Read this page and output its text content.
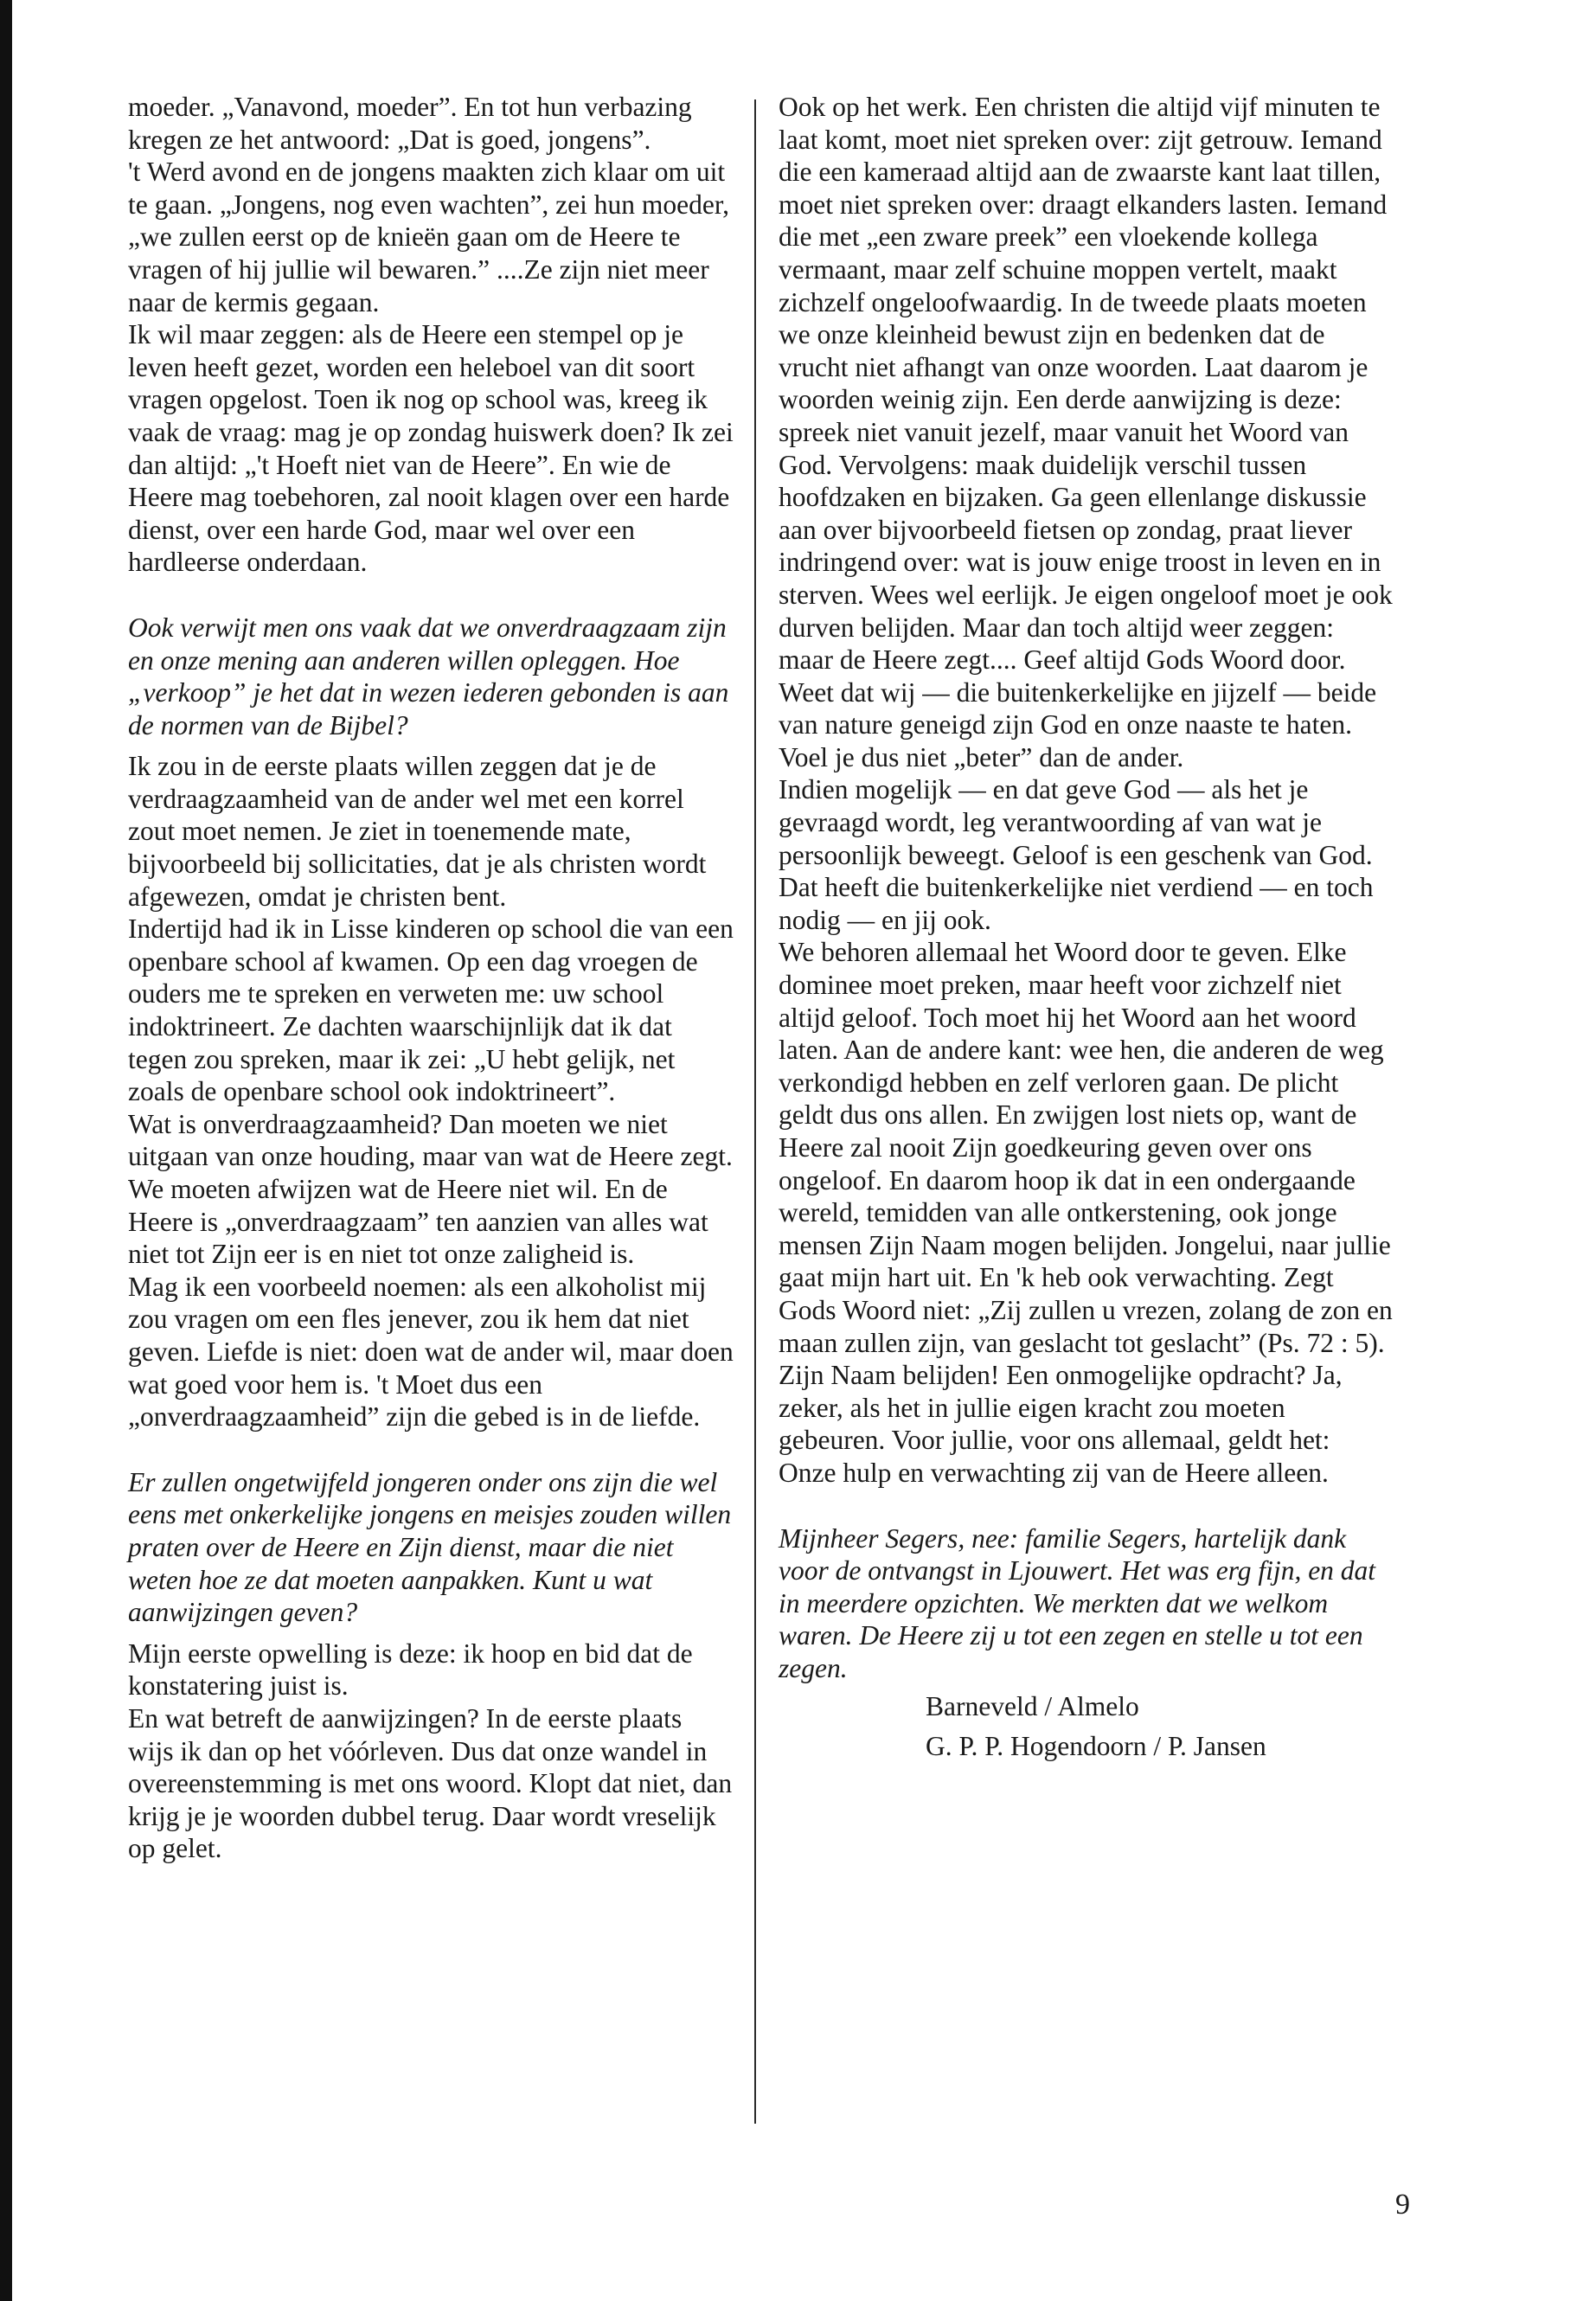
moeder. „Vanavond, moeder”. En tot hun verbazing kregen ze het antwoord: „Dat is goed, jongens”.

't Werd avond en de jongens maakten zich klaar om uit te gaan. „Jongens, nog even wachten”, zei hun moeder, „we zullen eerst op de knieën gaan om de Heere te vragen of hij jullie wil bewaren.” ....Ze zijn niet meer naar de kermis gegaan.

Ik wil maar zeggen: als de Heere een stempel op je leven heeft gezet, worden een heleboel van dit soort vragen opgelost. Toen ik nog op school was, kreeg ik vaak de vraag: mag je op zondag huiswerk doen? Ik zei dan altijd: „'t Hoeft niet van de Heere”. En wie de Heere mag toebehoren, zal nooit klagen over een harde dienst, over een harde God, maar wel over een hardleerse onderdaan.

Ook verwijt men ons vaak dat we onverdraagzaam zijn en onze mening aan anderen willen opleggen. Hoe „verkoop” je het dat in wezen iederen gebonden is aan de normen van de Bijbel?

Ik zou in de eerste plaats willen zeggen dat je de verdraagzaamheid van de ander wel met een korrel zout moet nemen. Je ziet in toenemende mate, bijvoorbeeld bij sollicitaties, dat je als christen wordt afgewezen, omdat je christen bent.

Indertijd had ik in Lisse kinderen op school die van een openbare school af kwamen. Op een dag vroegen de ouders me te spreken en verweten me: uw school indoktrineert. Ze dachten waarschijnlijk dat ik dat tegen zou spreken, maar ik zei: „U hebt gelijk, net zoals de openbare school ook indoktrineert”.

Wat is onverdraagzaamheid? Dan moeten we niet uitgaan van onze houding, maar van wat de Heere zegt. We moeten afwijzen wat de Heere niet wil. En de Heere is „onverdraagzaam” ten aanzien van alles wat niet tot Zijn eer is en niet tot onze zaligheid is.

Mag ik een voorbeeld noemen: als een alkoholist mij zou vragen om een fles jenever, zou ik hem dat niet geven. Liefde is niet: doen wat de ander wil, maar doen wat goed voor hem is. 't Moet dus een „onverdraagzaamheid” zijn die gebed is in de liefde.

Er zullen ongetwijfeld jongeren onder ons zijn die wel eens met onkerkelijke jongens en meisjes zouden willen praten over de Heere en Zijn dienst, maar die niet weten hoe ze dat moeten aanpakken. Kunt u wat aanwijzingen geven?

Mijn eerste opwelling is deze: ik hoop en bid dat de konstatering juist is.

En wat betreft de aanwijzingen? In de eerste plaats wijs ik dan op het vóórleven. Dus dat onze wandel in overeenstemming is met ons woord. Klopt dat niet, dan krijg je je woorden dubbel terug. Daar wordt vreselijk op gelet.

Ook op het werk. Een christen die altijd vijf minuten te laat komt, moet niet spreken over: zijt getrouw. Iemand die een kameraad altijd aan de zwaarste kant laat tillen, moet niet spreken over: draagt elkanders lasten. Iemand die met „een zware preek” een vloekende kollega vermaant, maar zelf schuine moppen vertelt, maakt zichzelf ongeloofwaardig. In de tweede plaats moeten we onze kleinheid bewust zijn en bedenken dat de vrucht niet afhangt van onze woorden. Laat daarom je woorden weinig zijn. Een derde aanwijzing is deze: spreek niet vanuit jezelf, maar vanuit het Woord van God. Vervolgens: maak duidelijk verschil tussen hoofdzaken en bijzaken. Ga geen ellenlange diskussie aan over bijvoorbeeld fietsen op zondag, praat liever indringend over: wat is jouw enige troost in leven en in sterven. Wees wel eerlijk. Je eigen ongeloof moet je ook durven belijden. Maar dan toch altijd weer zeggen: maar de Heere zegt.... Geef altijd Gods Woord door.

Weet dat wij — die buitenkerkelijke en jijzelf — beide van nature geneigd zijn God en onze naaste te haten. Voel je dus niet „beter” dan de ander.

Indien mogelijk — en dat geve God — als het je gevraagd wordt, leg verantwoording af van wat je persoonlijk beweegt. Geloof is een geschenk van God. Dat heeft die buitenkerkelijke niet verdiend — en toch nodig — en jij ook.

We behoren allemaal het Woord door te geven. Elke dominee moet preken, maar heeft voor zichzelf niet altijd geloof. Toch moet hij het Woord aan het woord laten. Aan de andere kant: wee hen, die anderen de weg verkondigd hebben en zelf verloren gaan. De plicht geldt dus ons allen. En zwijgen lost niets op, want de Heere zal nooit Zijn goedkeuring geven over ons ongeloof. En daarom hoop ik dat in een ondergaande wereld, temidden van alle ontkerstening, ook jonge mensen Zijn Naam mogen belijden. Jongelui, naar jullie gaat mijn hart uit. En 'k heb ook verwachting. Zegt Gods Woord niet: „Zij zullen u vrezen, zolang de zon en maan zullen zijn, van geslacht tot geslacht” (Ps. 72 : 5). Zijn Naam belijden! Een onmogelijke opdracht? Ja, zeker, als het in jullie eigen kracht zou moeten gebeuren. Voor jullie, voor ons allemaal, geldt het: Onze hulp en verwachting zij van de Heere alleen.

Mijnheer Segers, nee: familie Segers, hartelijk dank voor de ontvangst in Ljouwert. Het was erg fijn, en dat in meerdere opzichten. We merkten dat we welkom waren. De Heere zij u tot een zegen en stelle u tot een zegen.

Barneveld / Almelo
G. P. P. Hogendoorn / P. Jansen
9
